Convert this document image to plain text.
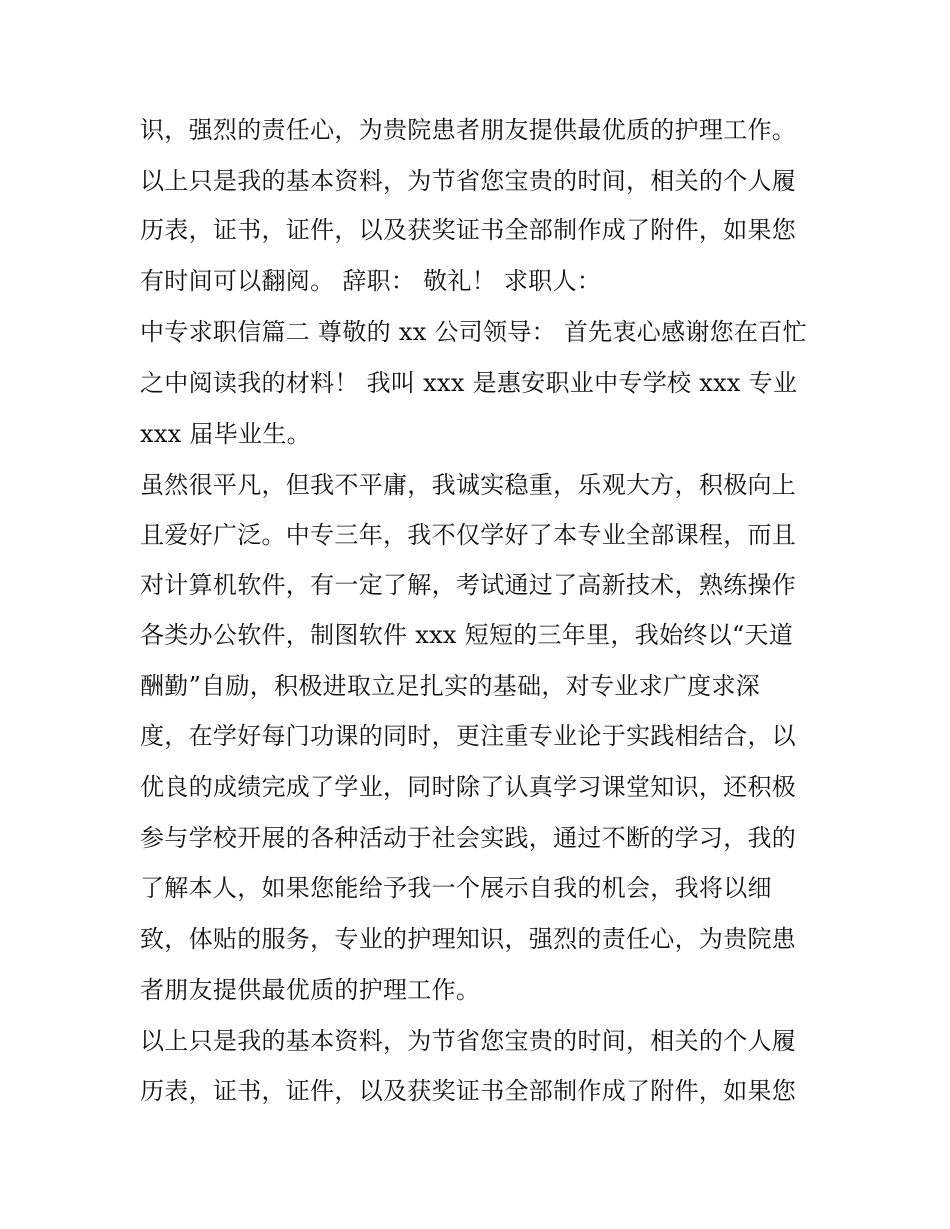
识，强烈的责任心，为贵院患者朋友提供最优质的护理工作。
以上只是我的基本资料，为节省您宝贵的时间，相关的个人履
历表，证书，证件，以及获奖证书全部制作成了附件，如果您
有时间可以翻阅。 辞职： 敬礼！ 求职人：
中专求职信篇二 尊敬的 xx 公司领导： 首先衷心感谢您在百忙
之中阅读我的材料！ 我叫 xxx 是惠安职业中专学校 xxx 专业
xxx 届毕业生。
虽然很平凡，但我不平庸，我诚实稳重，乐观大方，积极向上
且爱好广泛。中专三年，我不仅学好了本专业全部课程，而且
对计算机软件，有一定了解，考试通过了高新技术，熟练操作
各类办公软件，制图软件 xxx 短短的三年里，我始终以“天道
酬勤”自励，积极进取立足扎实的基础，对专业求广度求深
度，在学好每门功课的同时，更注重专业论于实践相结合，以
优良的成绩完成了学业，同时除了认真学习课堂知识，还积极
参与学校开展的各种活动于社会实践，通过不断的学习，我的
了解本人，如果您能给予我一个展示自我的机会，我将以细
致，体贴的服务，专业的护理知识，强烈的责任心，为贵院患
者朋友提供最优质的护理工作。
以上只是我的基本资料，为节省您宝贵的时间，相关的个人履
历表，证书，证件，以及获奖证书全部制作成了附件，如果您
